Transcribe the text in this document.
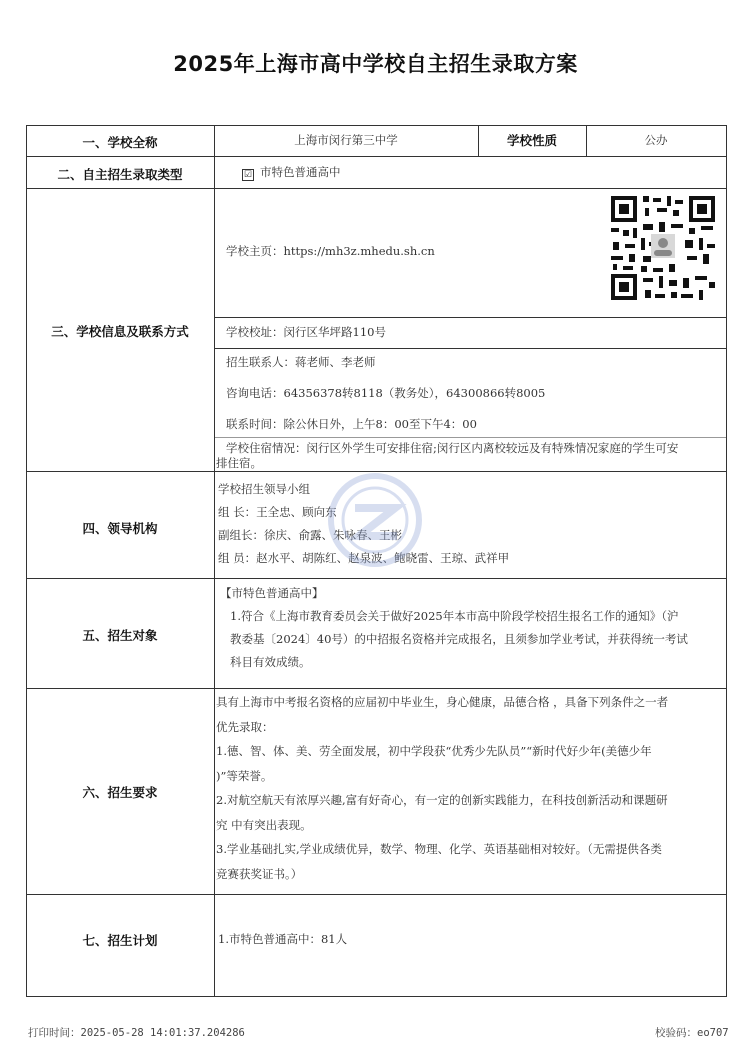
2025年上海市高中学校自主招生录取方案
一、学校全称	上海市闵行第三中学	学校性质	公办
二、自主招生录取类型	☑ 市特色普通高中
三、学校信息及联系方式
学校主页：https://mh3z.mhedu.sh.cn
学校校址：闵行区华坪路110号
招生联系人：蒋老师、李老师
咨询电话：64356378转8118（教务处），64300866转8005
联系时间：除公休日外，上午8：00至下午4：00
学校住宿情况：闵行区外学生可安排住宿;闵行区内离校较远及有特殊情况家庭的学生可安
排住宿。
四、领导机构
学校招生领导小组
组 长：王全忠、顾向东
副组长：徐庆、俞露、朱咏春、王彬
组 员：赵水平、胡陈红、赵泉波、鲍晓雷、王琼、武祥甲
五、招生对象
【市特色普通高中】
1.符合《上海市教育委员会关于做好2025年本市高中阶段学校招生报名工作的通知》（沪
教委基〔2024〕40号）的中招报名资格并完成报名，且须参加学业考试，并获得统一考试
科目有效成绩。
六、招生要求
具有上海市中考报名资格的应届初中毕业生，身心健康，品德合格 ，具备下列条件之一者
优先录取：
1.德、智、体、美、劳全面发展，初中学段获“优秀少先队员”“新时代好少年(美德少年
)”等荣誉。
2.对航空航天有浓厚兴趣,富有好奇心，有一定的创新实践能力，在科技创新活动和课题研
究 中有突出表现。
3.学业基础扎实,学业成绩优异，数学、物理、化学、英语基础相对较好。（无需提供各类
竞赛获奖证书。）
七、招生计划	1.市特色普通高中：81人
打印时间：2025-05-28 14:01:37.204286	校验码：eo707
